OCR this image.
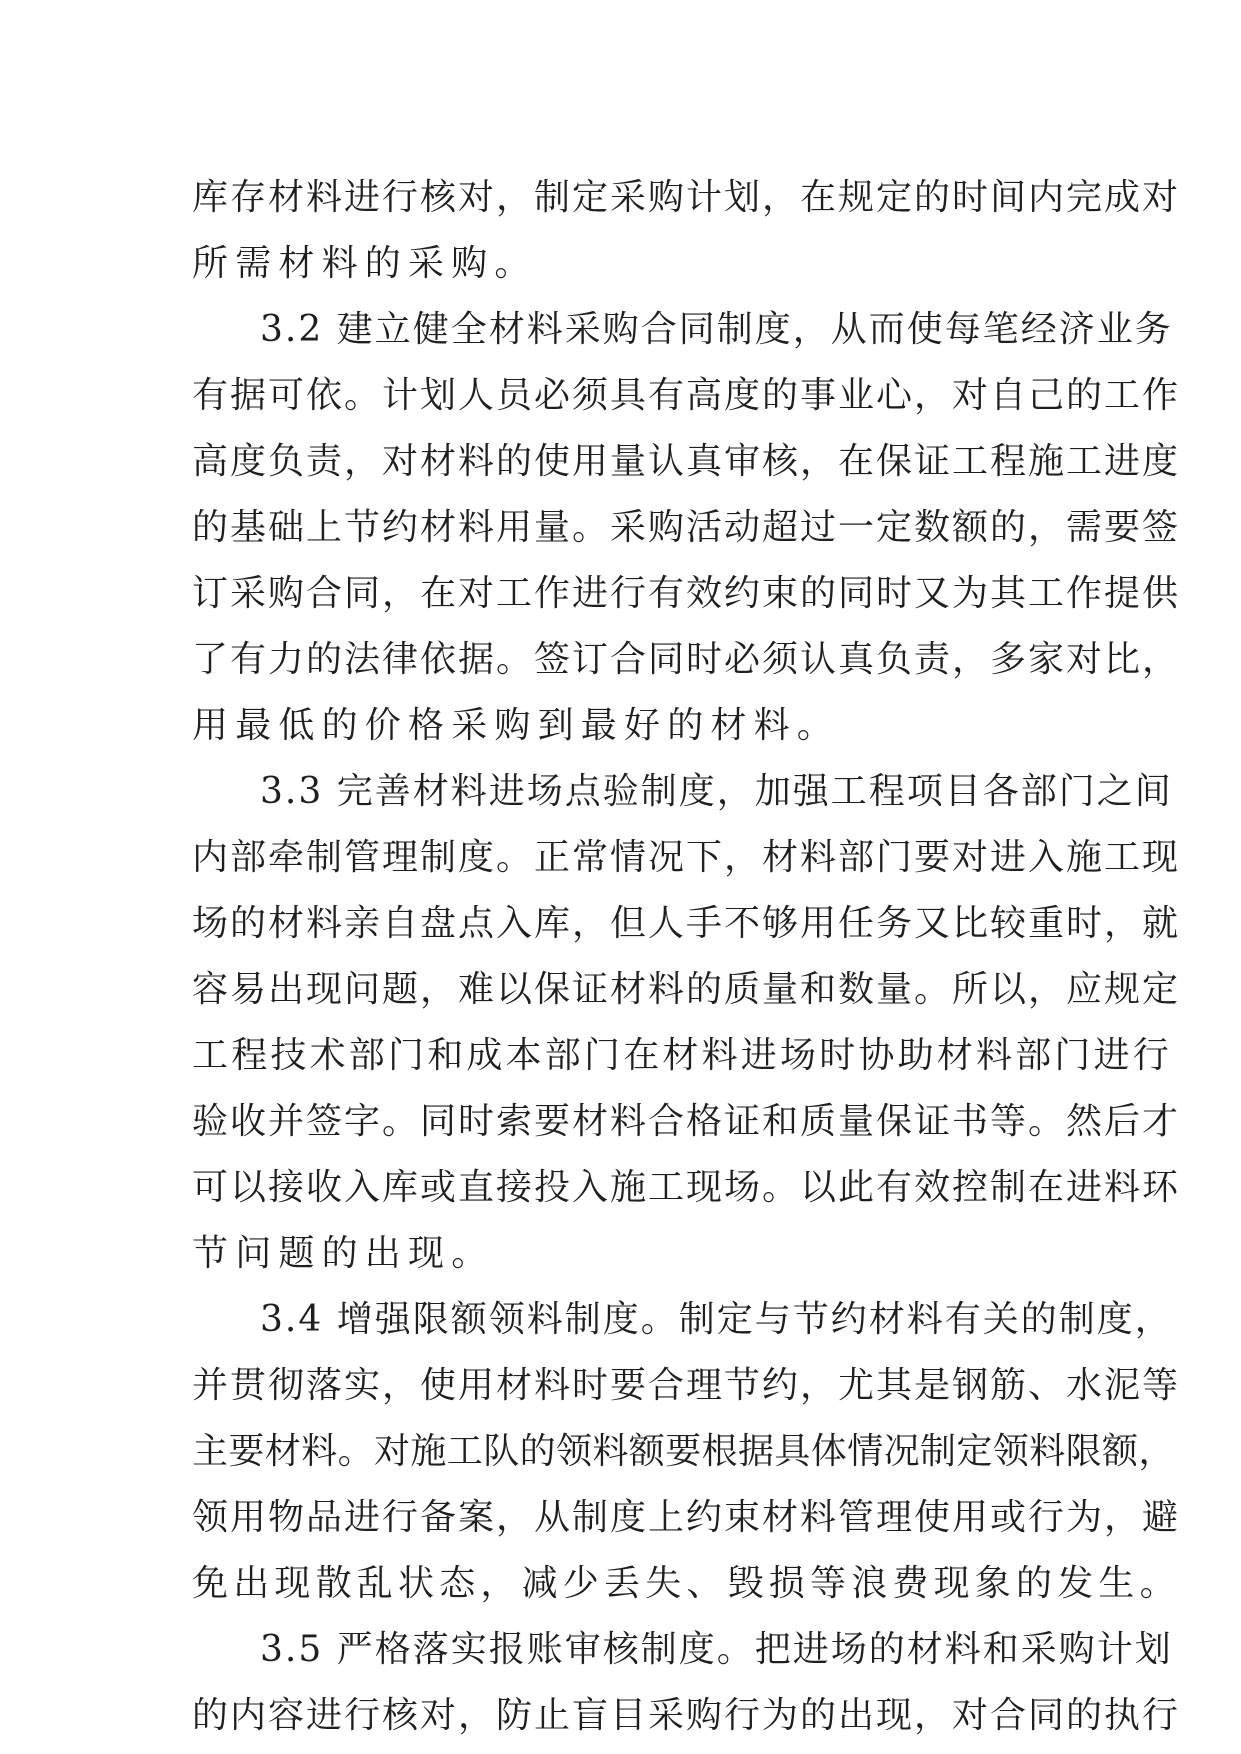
库存材料进行核对，制定采购计划，在规定的时间内完成对
所需材料的采购。
3.2 建立健全材料采购合同制度，从而使每笔经济业务
有据可依。计划人员必须具有高度的事业心，对自己的工作
高度负责，对材料的使用量认真审核，在保证工程施工进度
的基础上节约材料用量。采购活动超过一定数额的，需要签
订采购合同，在对工作进行有效约束的同时又为其工作提供
了有力的法律依据。签订合同时必须认真负责，多家对比，
用最低的价格采购到最好的材料。
3.3 完善材料进场点验制度，加强工程项目各部门之间
内部牵制管理制度。正常情况下，材料部门要对进入施工现
场的材料亲自盘点入库，但人手不够用任务又比较重时，就
容易出现问题，难以保证材料的质量和数量。所以，应规定
工程技术部门和成本部门在材料进场时协助材料部门进行
验收并签字。同时索要材料合格证和质量保证书等。然后才
可以接收入库或直接投入施工现场。以此有效控制在进料环
节问题的出现。
3.4 增强限额领料制度。制定与节约材料有关的制度，
并贯彻落实，使用材料时要合理节约，尤其是钢筋、水泥等
主要材料。对施工队的领料额要根据具体情况制定领料限额，
领用物品进行备案，从制度上约束材料管理使用或行为，避
免出现散乱状态，减少丢失、毁损等浪费现象的发生。
3.5 严格落实报账审核制度。把进场的材料和采购计划
的内容进行核对，防止盲目采购行为的出现，对合同的执行
